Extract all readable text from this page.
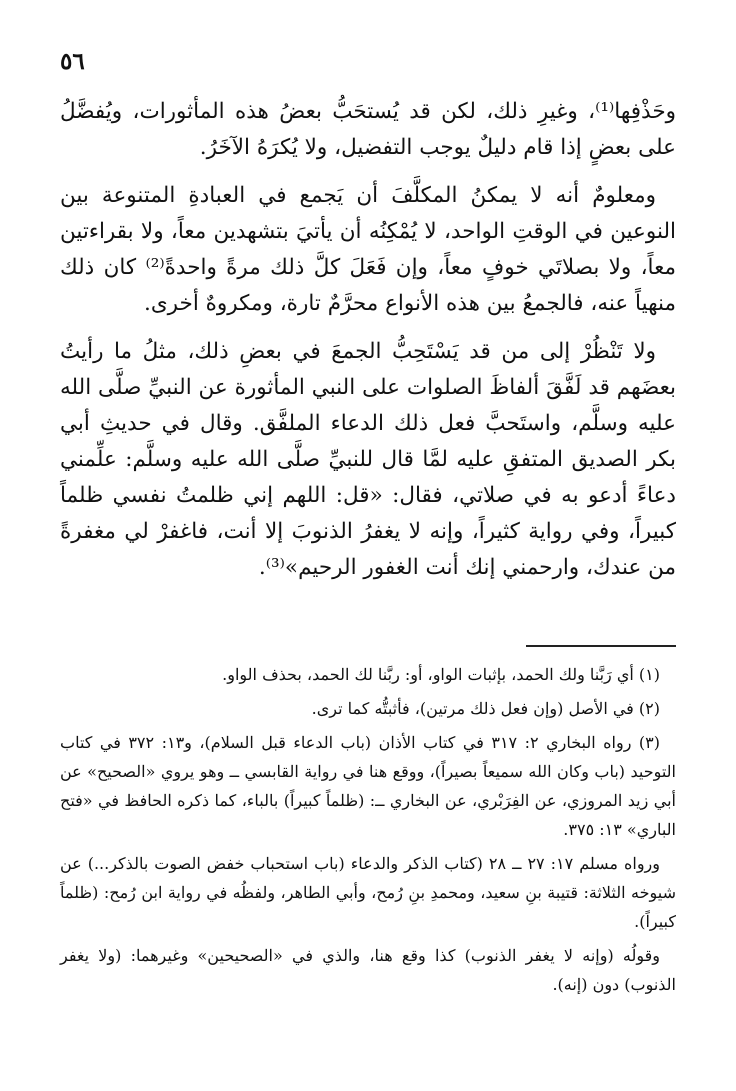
٥٦

وحَذْفِها⁽¹⁾، وغيرِ ذلك، لكن قد يُستحَبُّ بعضُ هذه المأثورات، ويُفضَّلُ على بعضٍ إذا قام دليلٌ يوجب التفضيل، ولا يُكرَهُ الآخَرُ.

ومعلومٌ أنه لا يمكنُ المكلَّفَ أن يَجمع في العبادةِ المتنوعة بين النوعين في الوقتِ الواحد، لا يُمْكِنُه أن يأتيَ بتشهدين معاً، ولا بقراءتين معاً، ولا بصلاتَي خوفٍ معاً، وإن فَعَلَ كلَّ ذلك مرةً واحدةً⁽²⁾ كان ذلك منهياً عنه، فالجمعُ بين هذه الأنواع محرَّمٌ تارة، ومكروهٌ أخرى.

ولا تَنْظُرْ إلى من قد يَسْتَحِبُّ الجمعَ في بعضِ ذلك، مثلُ ما رأيتُ بعضَهم قد لَفَّقَ ألفاظَ الصلوات على النبي المأثورة عن النبيِّ صلَّى الله عليه وسلَّم، واستَحبَّ فعل ذلك الدعاء الملفَّق. وقال في حديثِ أبي بكر الصديق المتفقِ عليه لمَّا قال للنبيِّ صلَّى الله عليه وسلَّم: علِّمني دعاءً أدعو به في صلاتي، فقال: «قل: اللهم إني ظلمتُ نفسي ظلماً كبيراً، وفي رواية كثيراً، وإنه لا يغفرُ الذنوبَ إلا أنت، فاغفرْ لي مغفرةً من عندك، وارحمني إنك أنت الغفور الرحيم»⁽³⁾.

(١) أي رَبَّنا ولك الحمد، بإثبات الواو، أو: ربَّنا لك الحمد، بحذف الواو.

(٢) في الأصل (وإن فعل ذلك مرتين)، فأثبتُّه كما ترى.

(٣) رواه البخاري ٢: ٣١٧ في كتاب الأذان (باب الدعاء قبل السلام)، و١٣: ٣٧٢ في كتاب التوحيد (باب وكان الله سميعاً بصيراً)، ووقع هنا في رواية القابسي ــ وهو يروي «الصحيح» عن أبي زيد المروزي، عن الفِرَبْري، عن البخاري ــ: (ظلماً كبيراً) بالباء، كما ذكره الحافظ في «فتح الباري» ١٣: ٣٧٥.

ورواه مسلم ١٧: ٢٧ ــ ٢٨ (كتاب الذكر والدعاء (باب استحباب خفض الصوت بالذكر...) عن شيوخه الثلاثة: قتيبة بنِ سعيد، ومحمدِ بنِ رُمح، وأبي الطاهر، ولفظُه في رواية ابن رُمح: (ظلماً كبيراً).

وقولُه (وإنه لا يغفر الذنوب) كذا وقع هنا، والذي في «الصحيحين» وغيرهما: (ولا يغفر الذنوب) دون (إنه).
